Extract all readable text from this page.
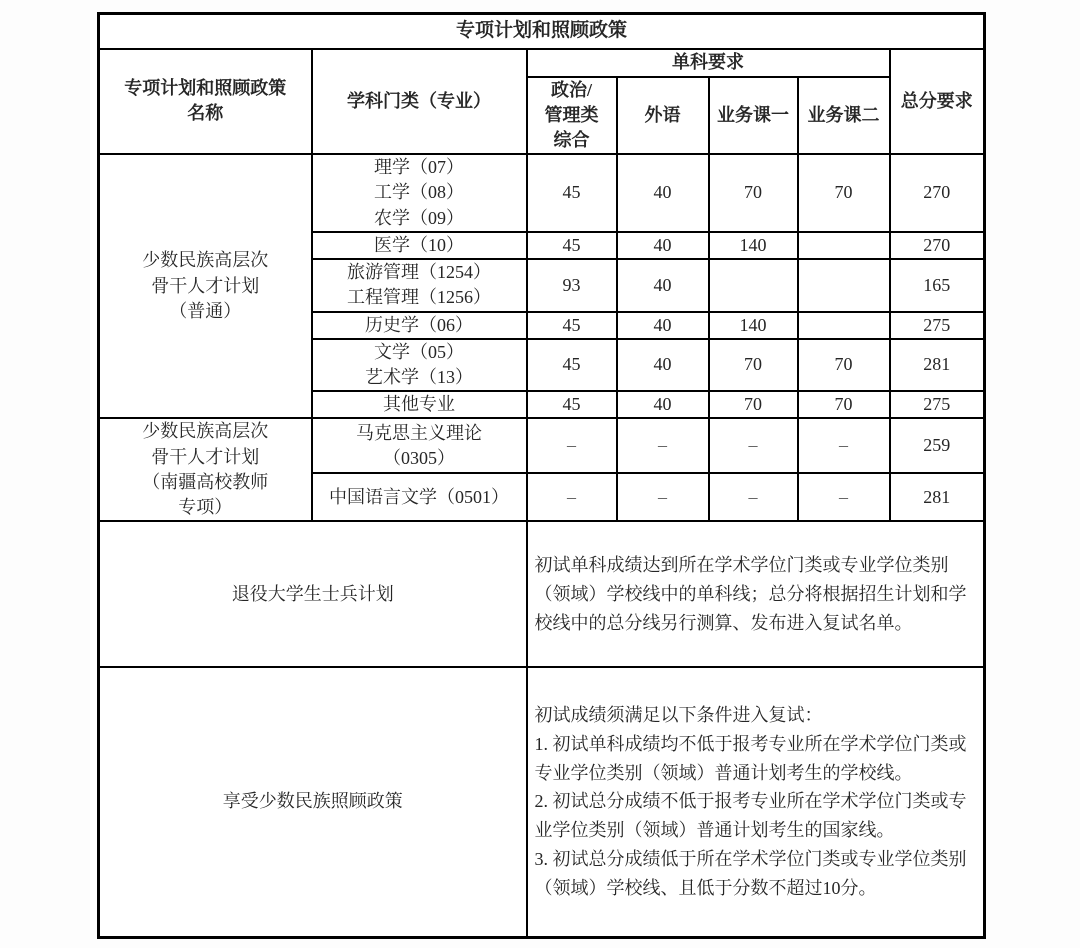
专项计划和照顾政策						

专项计划和照顾政策
名称	学科门类（专业）	单科要求				总分要求

		政治/
管理类
综合	外语	业务课一	业务课二	

少数民族高层次
骨干人才计划
（普通）	理学（07）
工学（08）
农学（09）	45	40	70	70	270
	医学（10）	45	40	140		270

	旅游管理（1254）
工程管理（1256）	93	40			165
	历史学（06）	45	40	140		275

	文学（05）
艺术学（13）	45	40	70	70	281
	其他专业	45	40	70	70	275

少数民族高层次
骨干人才计划
（南疆高校教师
专项）	马克思主义理论
（0305）	–	–	–	–	259
	中国语言文学（0501）	–	–	–	–	281
退役大学生士兵计划		初试单科成绩达到所在学术学位门类或专业学位类别（领域）学校线中的单科线；总分将根据招生计划和学校线中的总分线另行测算、发布进入复试名单。				

享受少数民族照顾政策		初试成绩须满足以下条件进入复试：

1. 初试单科成绩均不低于报考专业所在学术学位门类或专业学位类别（领域）普通计划考生的学校线。

2. 初试总分成绩不低于报考专业所在学术学位门类或专业学位类别（领域）普通计划考生的国家线。

3. 初试总分成绩低于所在学术学位门类或专业学位类别（领域）学校线、且低于分数不超过10分。				
